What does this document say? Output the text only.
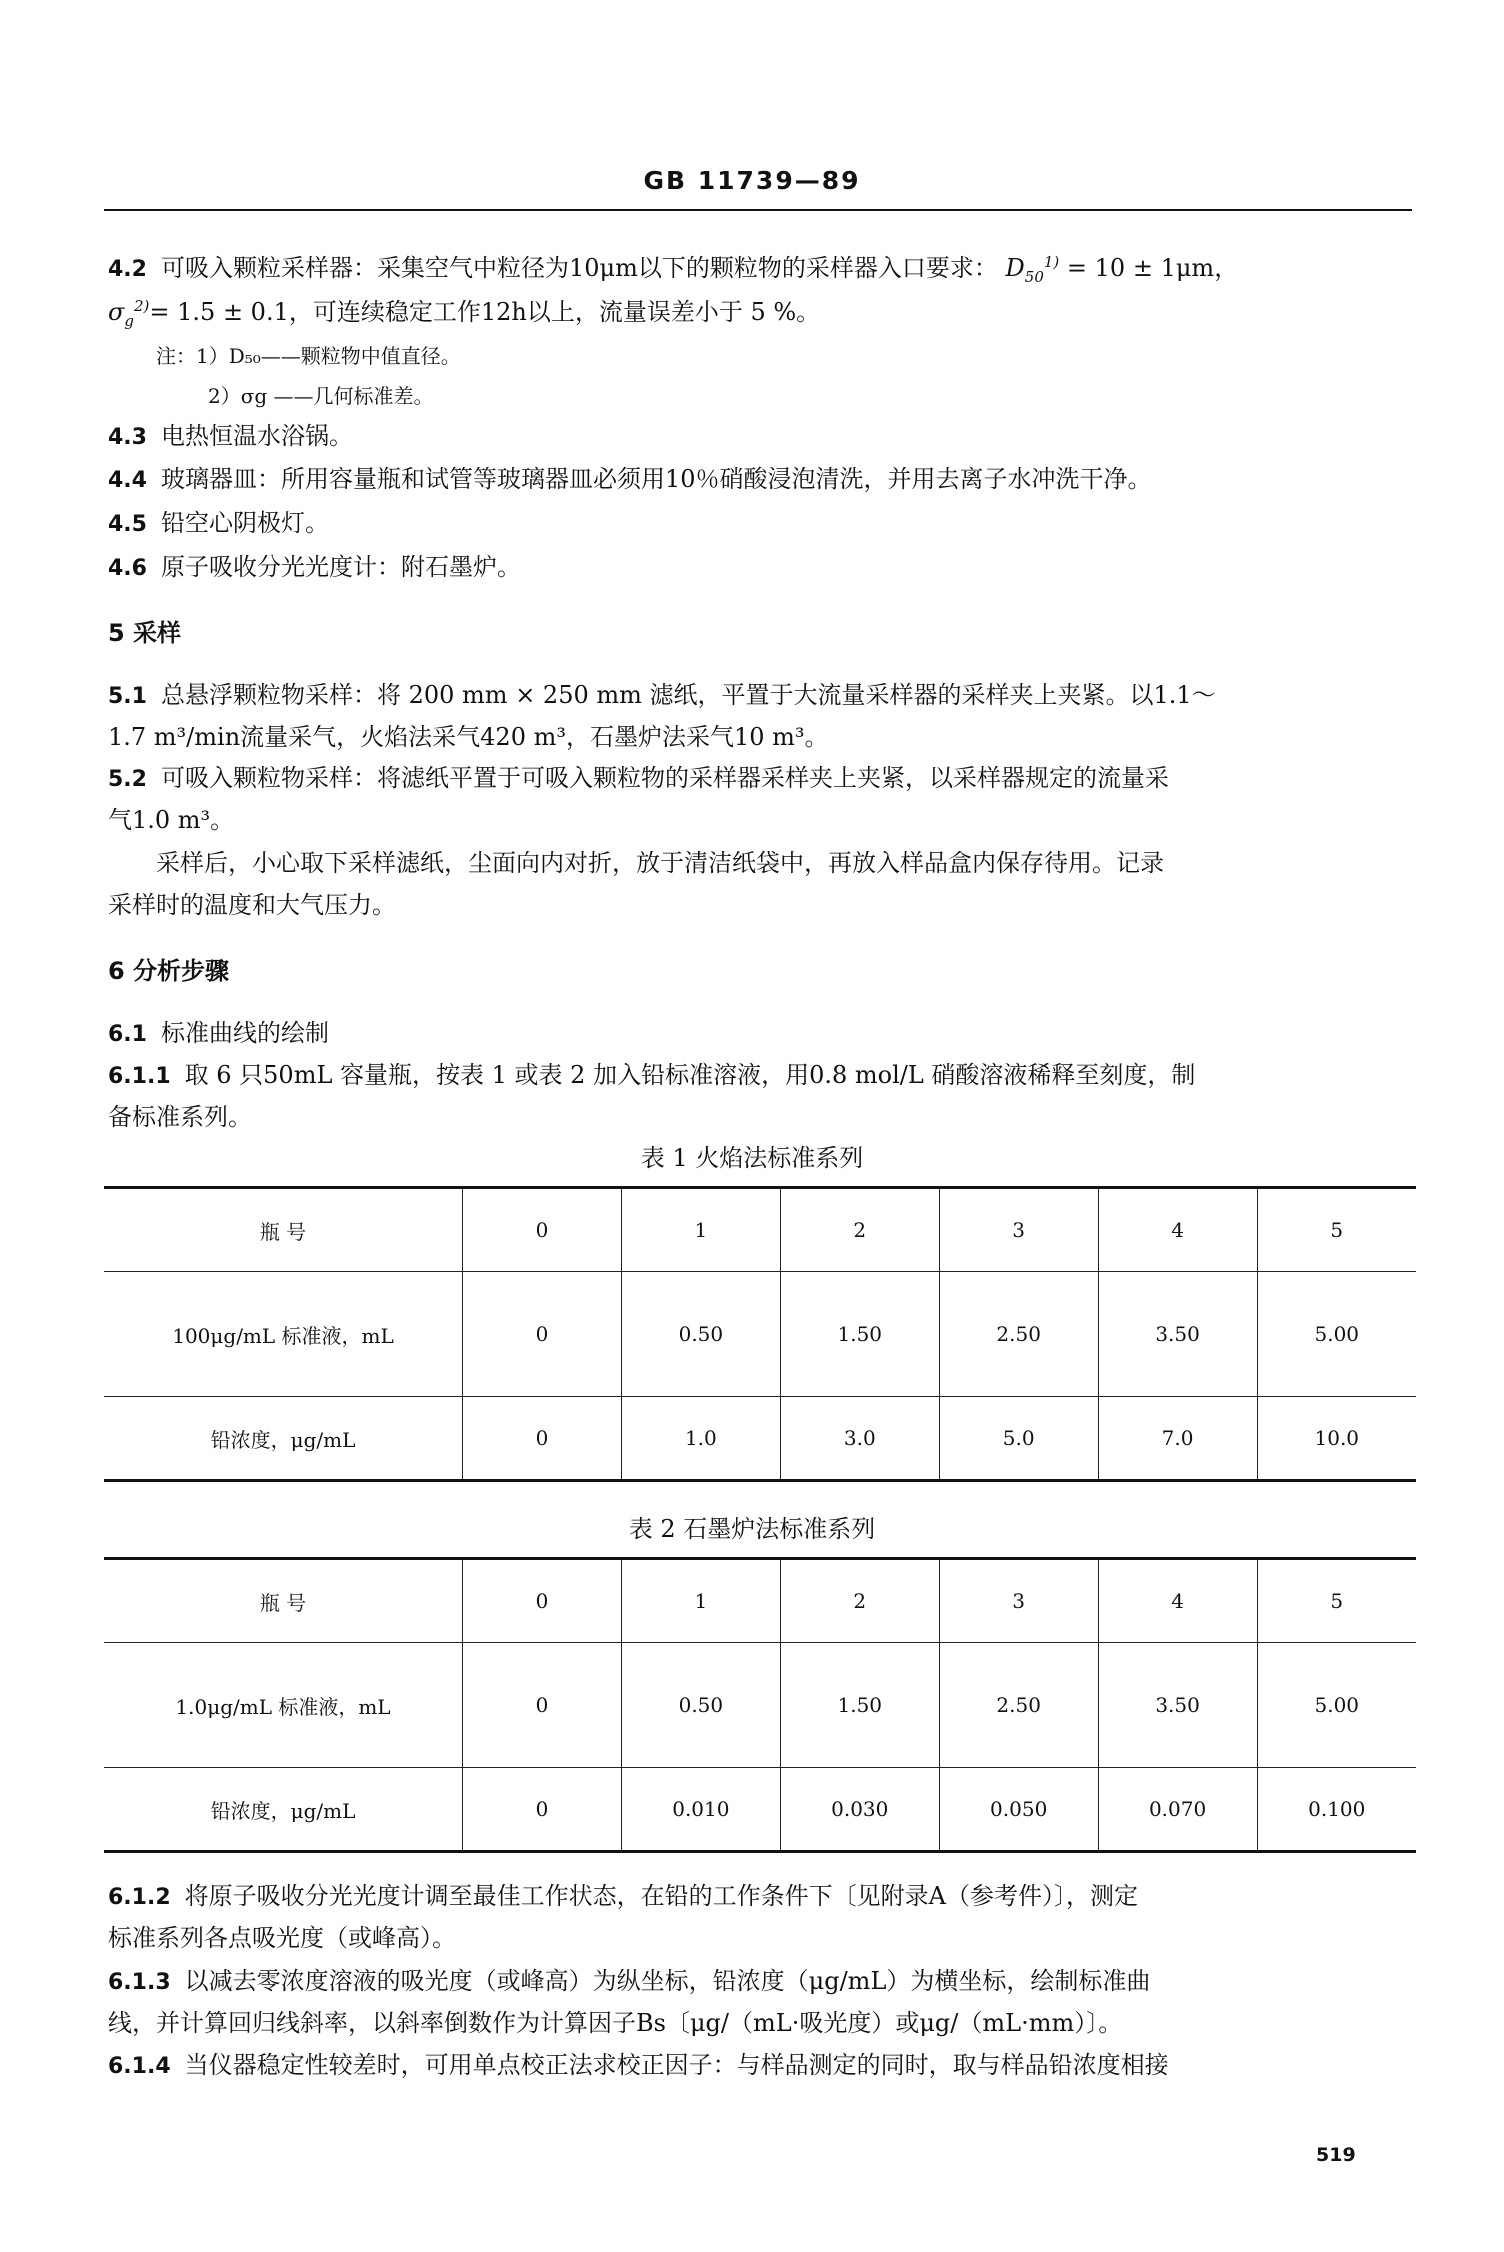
GB 11739—89
4.2 可吸入颗粒采样器：采集空气中粒径为10μm以下的颗粒物的采样器入口要求： $D_{50}^{1)} = 10 \pm 1\mu m$，
$\sigma_g^{2)}= 1.5 \pm 0.1$，可连续稳定工作12h以上，流量误差小于 5 %。
注：1）D₅₀——颗粒物中值直径。
2）σg ——几何标准差。
4.3 电热恒温水浴锅。
4.4 玻璃器皿：所用容量瓶和试管等玻璃器皿必须用10％硝酸浸泡清洗，并用去离子水冲洗干净。
4.5 铅空心阴极灯。
4.6 原子吸收分光光度计：附石墨炉。
5 采样
5.1 总悬浮颗粒物采样：将 200 mm × 250 mm 滤纸，平置于大流量采样器的采样夹上夹紧。以1.1～
1.7 m³/min流量采气，火焰法采气420 m³，石墨炉法采气10 m³。
5.2 可吸入颗粒物采样：将滤纸平置于可吸入颗粒物的采样器采样夹上夹紧，以采样器规定的流量采
气1.0 m³。
采样后，小心取下采样滤纸，尘面向内对折，放于清洁纸袋中，再放入样品盒内保存待用。记录
采样时的温度和大气压力。
6 分析步骤
6.1 标准曲线的绘制
6.1.1 取 6 只50mL 容量瓶，按表 1 或表 2 加入铅标准溶液，用0.8 mol/L 硝酸溶液稀释至刻度，制
备标准系列。
表 1 火焰法标准系列
瓶 号	0	1	2	3	4	5
100μg/mL 标准液，mL	0	0.50	1.50	2.50	3.50	5.00
铅浓度，μg/mL	0	1.0	3.0	5.0	7.0	10.0
表 2 石墨炉法标准系列
瓶 号	0	1	2	3	4	5
1.0μg/mL 标准液，mL	0	0.50	1.50	2.50	3.50	5.00
铅浓度，μg/mL	0	0.010	0.030	0.050	0.070	0.100
6.1.2 将原子吸收分光光度计调至最佳工作状态，在铅的工作条件下〔见附录A（参考件）〕，测定
标准系列各点吸光度（或峰高）。
6.1.3 以减去零浓度溶液的吸光度（或峰高）为纵坐标，铅浓度（μg/mL）为横坐标，绘制标准曲
线，并计算回归线斜率，以斜率倒数作为计算因子Bs〔μg/（mL·吸光度）或μg/（mL·mm）〕。
6.1.4 当仪器稳定性较差时，可用单点校正法求校正因子：与样品测定的同时，取与样品铅浓度相接
519
